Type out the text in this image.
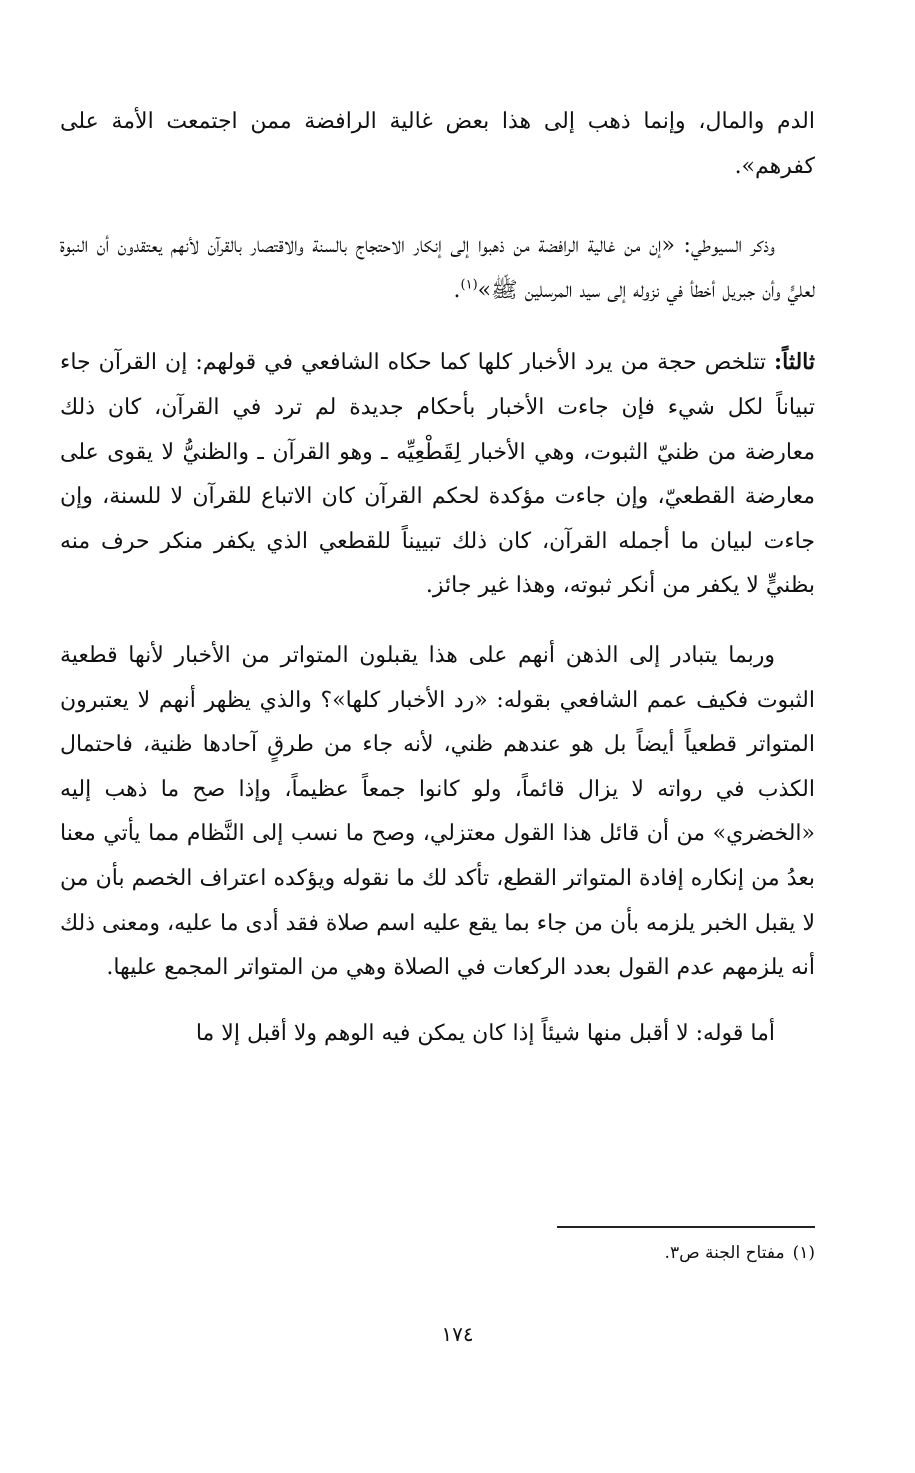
الدم والمال، وإنما ذهب إلى هذا بعض غالية الرافضة ممن اجتمعت الأمة على كفرهم».

وذكر السيوطي: «إن من غالية الرافضة من ذهبوا إلى إنكار الاحتجاج بالسنة والاقتصار بالقرآن لأنهم يعتقدون أن النبوة لعليٍّ وأن جبريل أخطأ في نزوله إلى سيد المرسلين ﷺ»$^{(١)}$.

ثالثاً: تتلخص حجة من يرد الأخبار كلها كما حكاه الشافعي في قولهم: إن القرآن جاء تبياناً لكل شيء فإن جاءت الأخبار بأحكام جديدة لم ترد في القرآن، كان ذلك معارضة من ظنيّ الثبوت، وهي الأخبار لِقَطْعِيِّه ـ وهو القرآن ـ والظنيُّ لا يقوى على معارضة القطعيّ، وإن جاءت مؤكدة لحكم القرآن كان الاتباع للقرآن لا للسنة، وإن جاءت لبيان ما أجمله القرآن، كان ذلك تبييناً للقطعي الذي يكفر منكر حرف منه بظنيٍّ لا يكفر من أنكر ثبوته، وهذا غير جائز.

وربما يتبادر إلى الذهن أنهم على هذا يقبلون المتواتر من الأخبار لأنها قطعية الثبوت فكيف عمم الشافعي بقوله: «رد الأخبار كلها»؟ والذي يظهر أنهم لا يعتبرون المتواتر قطعياً أيضاً بل هو عندهم ظني، لأنه جاء من طرقٍ آحادها ظنية، فاحتمال الكذب في رواته لا يزال قائماً، ولو كانوا جمعاً عظيماً، وإذا صح ما ذهب إليه «الخضري» من أن قائل هذا القول معتزلي، وصح ما نسب إلى النَّظام مما يأتي معنا بعدُ من إنكاره إفادة المتواتر القطع، تأكد لك ما نقوله ويؤكده اعتراف الخصم بأن من لا يقبل الخبر يلزمه بأن من جاء بما يقع عليه اسم صلاة فقد أدى ما عليه، ومعنى ذلك أنه يلزمهم عدم القول بعدد الركعات في الصلاة وهي من المتواتر المجمع عليها.

أما قوله: لا أقبل منها شيئاً إذا كان يمكن فيه الوهم ولا أقبل إلا ما

(١)مفتاح الجنة ص٣.
١٧٤
